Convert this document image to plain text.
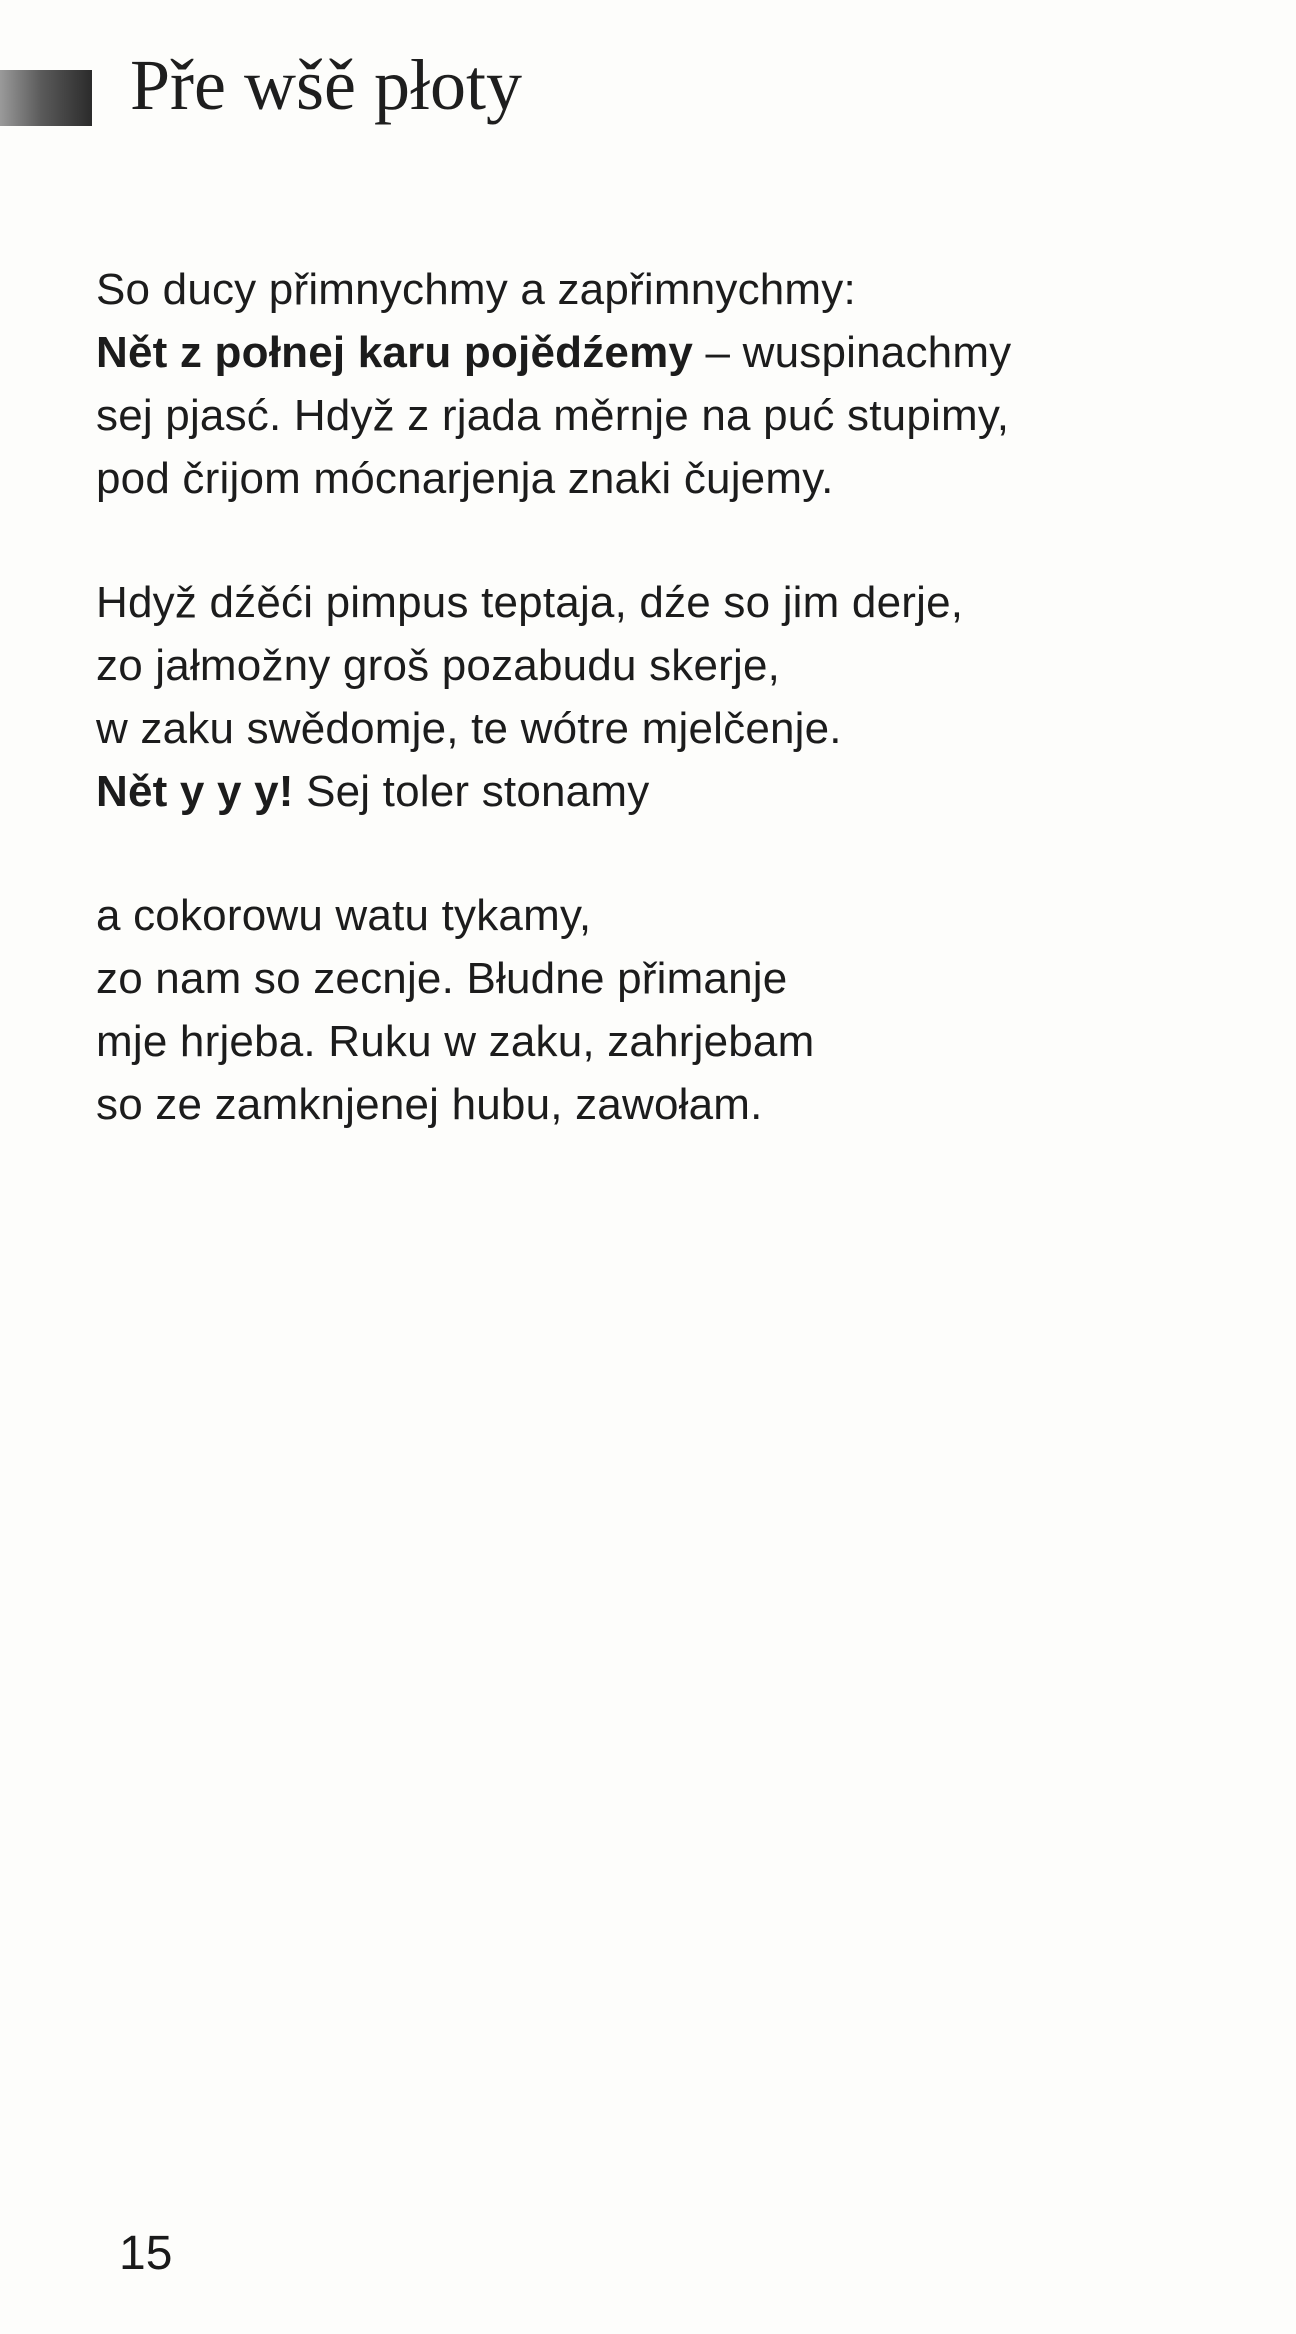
Pře wšě płoty

So ducy přimnychmy a zapřimnychmy:
Nět z połnej karu pojědźemy – wuspinachmy
sej pjasć. Hdyž z rjada měrnje na puć stupimy,
pod črijom mócnarjenja znaki čujemy.

Hdyž dźěći pimpus teptaja, dźe so jim derje,
zo jałmožny groš pozabudu skerje,
w zaku swědomje, te wótre mjelčenje.
Nět y y y! Sej toler stonamy

a cokorowu watu tykamy,
zo nam so zecnje. Błudne přimanje
mje hrjeba. Ruku w zaku, zahrjebam
so ze zamknjenej hubu, zawołam.

15
